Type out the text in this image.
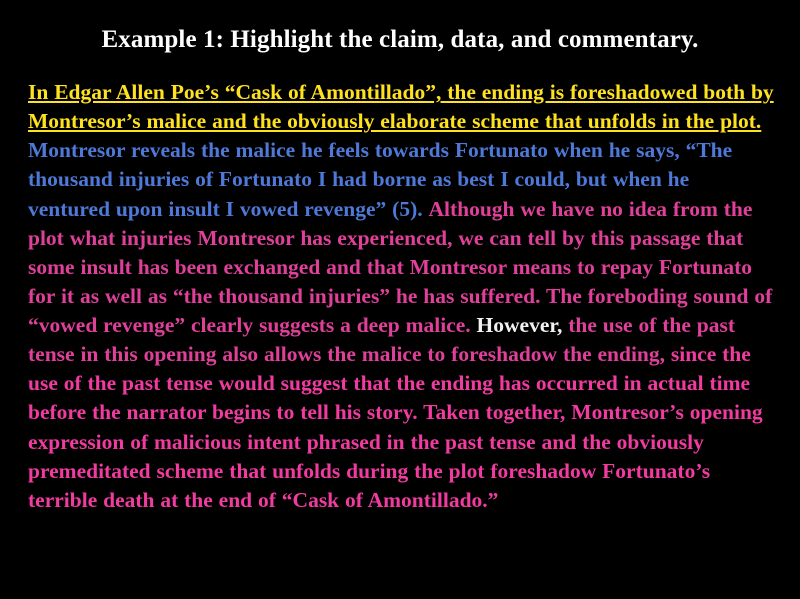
Example 1: Highlight the claim, data, and commentary.
In Edgar Allen Poe’s “Cask of Amontillado”, the ending is foreshadowed both by Montresor’s malice and the obviously elaborate scheme that unfolds in the plot. Montresor reveals the malice he feels towards Fortunato when he says, “The thousand injuries of Fortunato I had borne as best I could, but when he ventured upon insult I vowed revenge” (5). Although we have no idea from the plot what injuries Montresor has experienced, we can tell by this passage that some insult has been exchanged and that Montresor means to repay Fortunato for it as well as “the thousand injuries” he has suffered. The foreboding sound of “vowed revenge” clearly suggests a deep malice. However, the use of the past tense in this opening also allows the malice to foreshadow the ending, since the use of the past tense would suggest that the ending has occurred in actual time before the narrator begins to tell his story. Taken together, Montresor’s opening expression of malicious intent phrased in the past tense and the obviously premeditated scheme that unfolds during the plot foreshadow Fortunato’s terrible death at the end of “Cask of Amontillado.”
